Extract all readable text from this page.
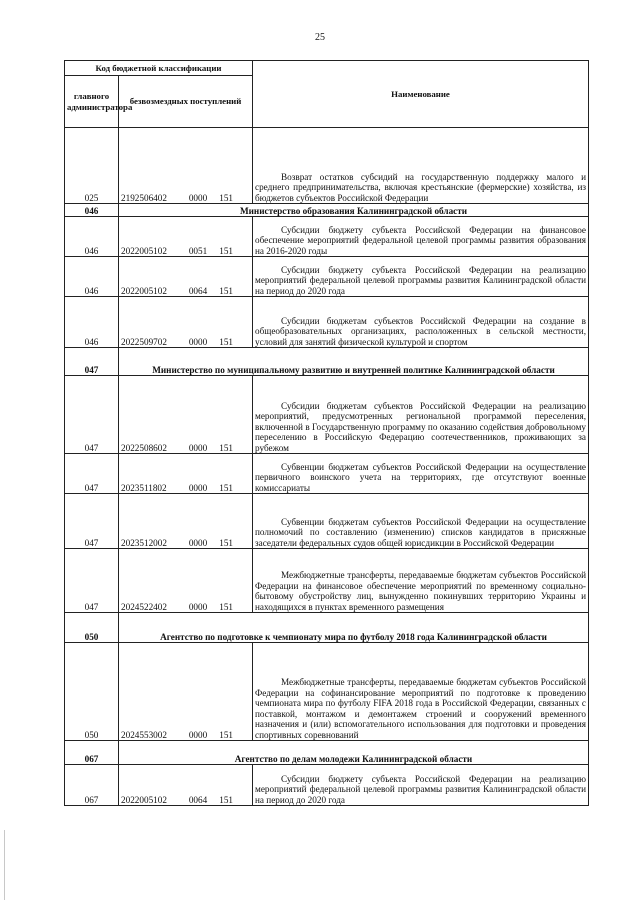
25
Код бюджетной классификации		Наименование
главного администратора	безвозмездных поступлений	
025	2192506402 0000 151	Возврат остатков субсидий на государственную поддержку малого и среднего предпринимательства, включая крестьянские (фермерские) хозяйства, из бюджетов субъектов Российской Федерации

046	Министерство образования Калининградской области	
046	2022005102 0051 151	Субсидии бюджету субъекта Российской Федерации на финансовое обеспечение мероприятий федеральной целевой программы развития образования на 2016-2020 годы

046	2022005102 0064 151	Субсидии бюджету субъекта Российской Федерации на реализацию мероприятий федеральной целевой программы развития Калининградской области на период до 2020 года

046	2022509702 0000 151	Субсидии бюджетам субъектов Российской Федерации на создание в общеобразовательных организациях, расположенных в сельской местности, условий для занятий физической культурой и спортом

047	Министерство по муниципальному развитию и внутренней политике Калининградской области	
047	2022508602 0000 151	Субсидии бюджетам субъектов Российской Федерации на реализацию мероприятий, предусмотренных региональной программой переселения, включенной в Государственную программу по оказанию содействия добровольному переселению в Российскую Федерацию соотечественников, проживающих за рубежом

047	2023511802 0000 151	Субвенции бюджетам субъектов Российской Федерации на осуществление первичного воинского учета на территориях, где отсутствуют военные комиссариаты

047	2023512002 0000 151	Субвенции бюджетам субъектов Российской Федерации на осуществление полномочий по составлению (изменению) списков кандидатов в присяжные заседатели федеральных судов общей юрисдикции в Российской Федерации

047	2024522402 0000 151	Межбюджетные трансферты, передаваемые бюджетам субъектов Российской Федерации на финансовое обеспечение мероприятий по временному социально-бытовому обустройству лиц, вынужденно покинувших территорию Украины и находящихся в пунктах временного размещения

050	Агентство по подготовке к чемпионату мира по футболу 2018 года Калининградской области	
050	2024553002 0000 151	Межбюджетные трансферты, передаваемые бюджетам субъектов Российской Федерации на софинансирование мероприятий по подготовке к проведению чемпионата мира по футболу FIFA 2018 года в Российской Федерации, связанных с поставкой, монтажом и демонтажем строений и сооружений временного назначения и (или) вспомогательного использования для подготовки и проведения спортивных соревнований

067	Агентство по делам молодежи Калининградской области	
067	2022005102 0064 151	Субсидии бюджету субъекта Российской Федерации на реализацию мероприятий федеральной целевой программы развития Калининградской области на период до 2020 года
